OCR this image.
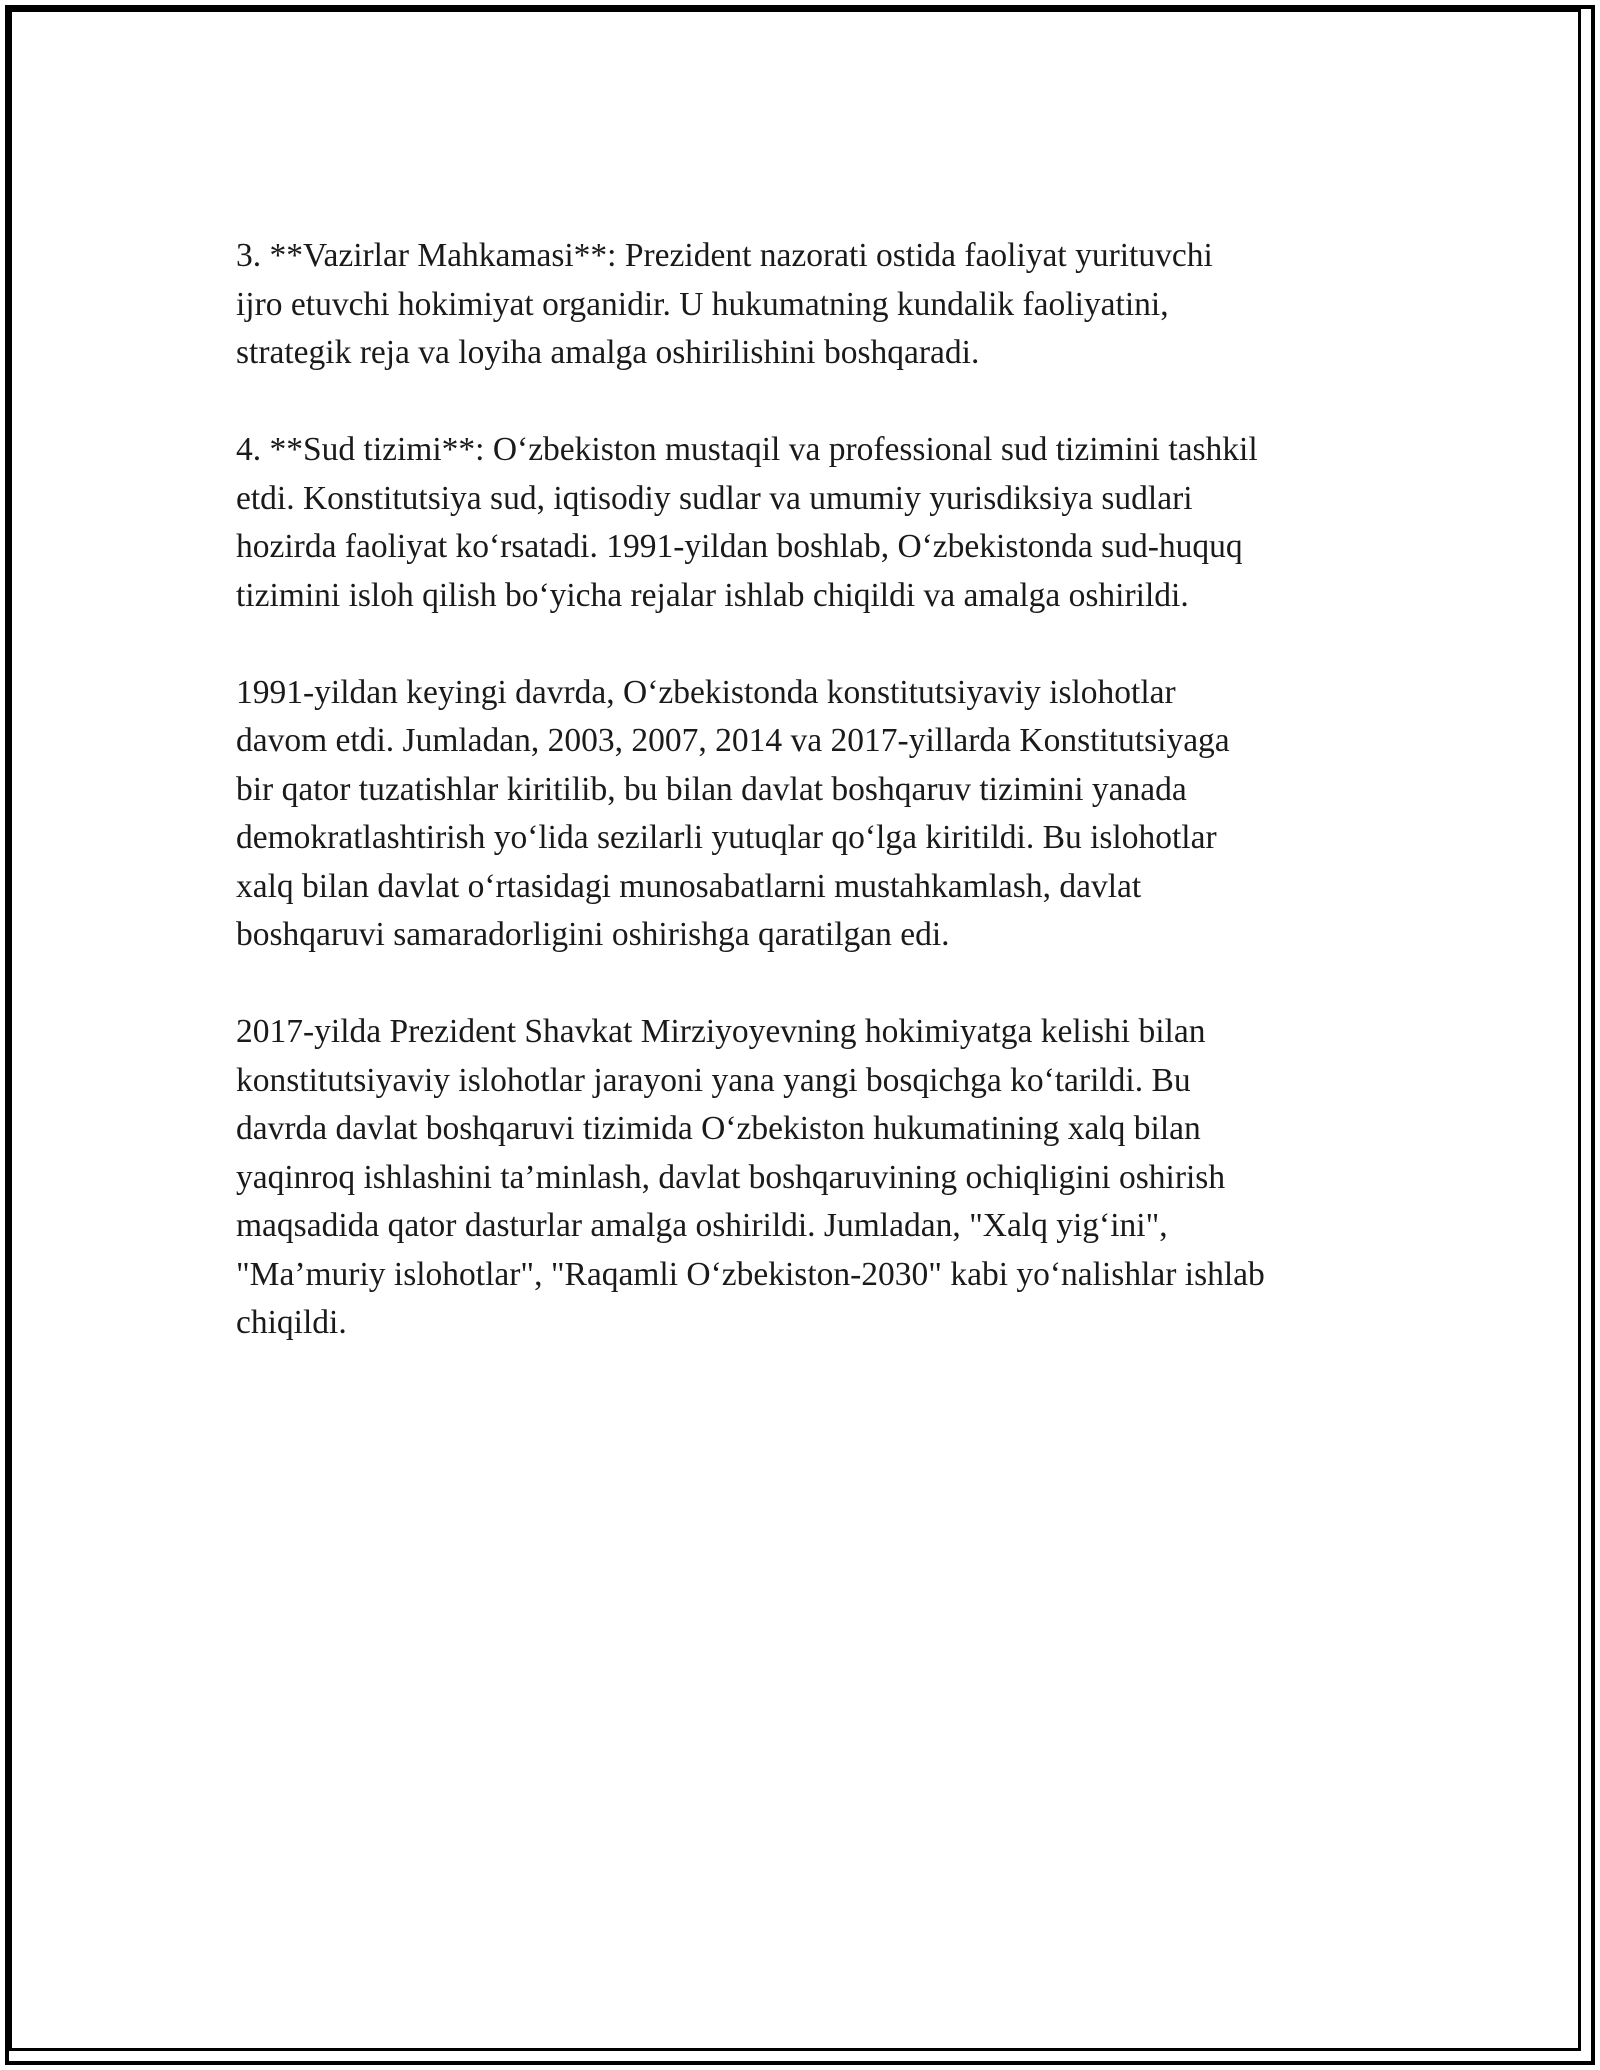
3. **Vazirlar Mahkamasi**: Prezident nazorati ostida faoliyat yurituvchi
ijro etuvchi hokimiyat organidir. U hukumatning kundalik faoliyatini,
strategik reja va loyiha amalga oshirilishini boshqaradi.

4. **Sud tizimi**: O‘zbekiston mustaqil va professional sud tizimini tashkil
etdi. Konstitutsiya sud, iqtisodiy sudlar va umumiy yurisdiksiya sudlari
hozirda faoliyat ko‘rsatadi. 1991-yildan boshlab, O‘zbekistonda sud-huquq
tizimini isloh qilish bo‘yicha rejalar ishlab chiqildi va amalga oshirildi.

1991-yildan keyingi davrda, O‘zbekistonda konstitutsiyaviy islohotlar
davom etdi. Jumladan, 2003, 2007, 2014 va 2017-yillarda Konstitutsiyaga
bir qator tuzatishlar kiritilib, bu bilan davlat boshqaruv tizimini yanada
demokratlashtirish yo‘lida sezilarli yutuqlar qo‘lga kiritildi. Bu islohotlar
xalq bilan davlat o‘rtasidagi munosabatlarni mustahkamlash, davlat
boshqaruvi samaradorligini oshirishga qaratilgan edi.

2017-yilda Prezident Shavkat Mirziyoyevning hokimiyatga kelishi bilan
konstitutsiyaviy islohotlar jarayoni yana yangi bosqichga ko‘tarildi. Bu
davrda davlat boshqaruvi tizimida O‘zbekiston hukumatining xalq bilan
yaqinroq ishlashini ta’minlash, davlat boshqaruvining ochiqligini oshirish
maqsadida qator dasturlar amalga oshirildi. Jumladan, "Xalq yig‘ini",
"Ma’muriy islohotlar", "Raqamli O‘zbekiston-2030" kabi yo‘nalishlar ishlab
chiqildi.
